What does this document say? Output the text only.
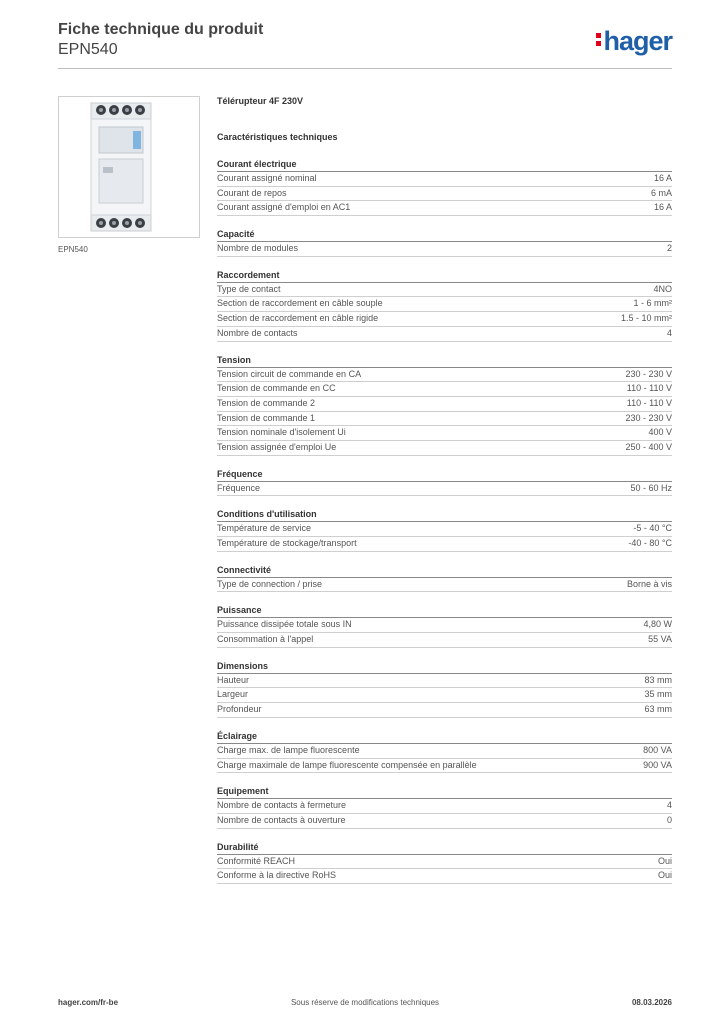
Fiche technique du produit
EPN540	hager
EPN540
Télérupteur 4F 230V
Caractéristiques techniques
Courant électrique
Courant assigné nominal	16 A
Courant de repos	6 mA
Courant assigné d'emploi en AC1	16 A
Capacité
Nombre de modules	2
Raccordement
Type de contact	4NO
Section de raccordement en câble souple	1 - 6 mm²
Section de raccordement en câble rigide	1.5 - 10 mm²
Nombre de contacts	4
Tension
Tension circuit de commande en CA	230 - 230 V
Tension de commande en CC	110 - 110 V
Tension de commande 2	110 - 110 V
Tension de commande 1	230 - 230 V
Tension nominale d'isolement Ui	400 V
Tension assignée d'emploi Ue	250 - 400 V
Fréquence
Fréquence	50 - 60 Hz
Conditions d'utilisation
Température de service	-5 - 40 °C
Température de stockage/transport	-40 - 80 °C
Connectivité
Type de connection / prise	Borne à vis
Puissance
Puissance dissipée totale sous IN	4,80 W
Consommation à l'appel	55 VA
Dimensions
Hauteur	83 mm
Largeur	35 mm
Profondeur	63 mm
Éclairage
Charge max. de lampe fluorescente	800 VA
Charge maximale de lampe fluorescente compensée en parallèle	900 VA
Equipement
Nombre de contacts à fermeture	4
Nombre de contacts à ouverture	0
Durabilité
Conformité REACH	Oui
Conforme à la directive RoHS	Oui
hager.com/fr-be	Sous réserve de modifications techniques	08.03.2026
